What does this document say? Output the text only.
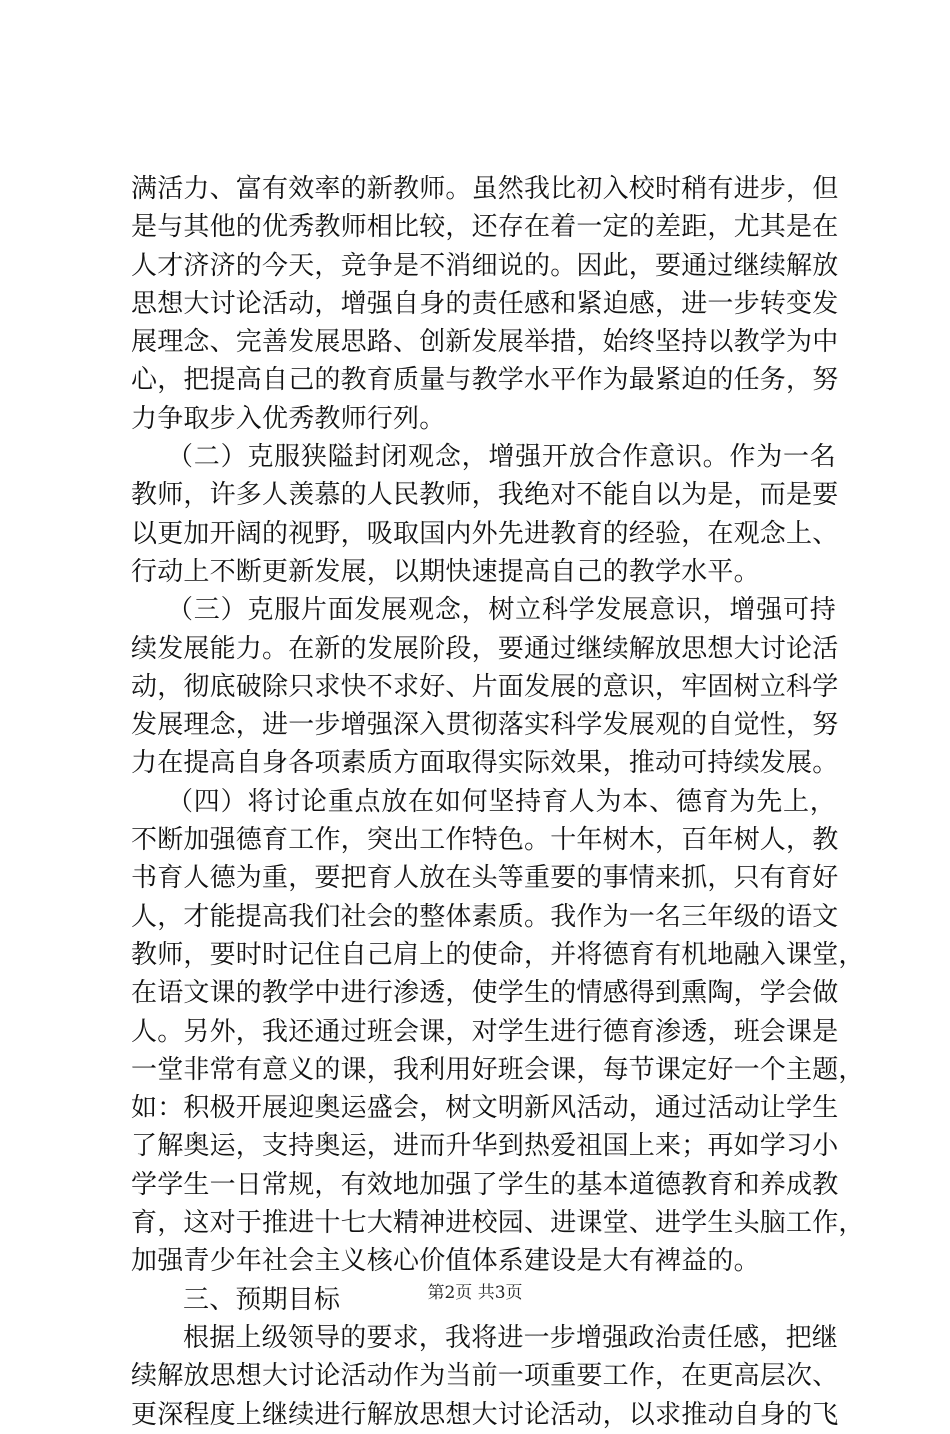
满活力、富有效率的新教师。虽然我比初入校时稍有进步，但
是与其他的优秀教师相比较，还存在着一定的差距，尤其是在
人才济济的今天，竞争是不消细说的。因此，要通过继续解放
思想大讨论活动，增强自身的责任感和紧迫感，进一步转变发
展理念、完善发展思路、创新发展举措，始终坚持以教学为中
心，把提高自己的教育质量与教学水平作为最紧迫的任务，努
力争取步入优秀教师行列。
（二）克服狭隘封闭观念，增强开放合作意识。作为一名
教师，许多人羡慕的人民教师，我绝对不能自以为是，而是要
以更加开阔的视野，吸取国内外先进教育的经验，在观念上、
行动上不断更新发展，以期快速提高自己的教学水平。
（三）克服片面发展观念，树立科学发展意识，增强可持
续发展能力。在新的发展阶段，要通过继续解放思想大讨论活
动，彻底破除只求快不求好、片面发展的意识，牢固树立科学
发展理念，进一步增强深入贯彻落实科学发展观的自觉性，努
力在提高自身各项素质方面取得实际效果，推动可持续发展。
（四）将讨论重点放在如何坚持育人为本、德育为先上，
不断加强德育工作，突出工作特色。十年树木，百年树人，教
书育人德为重，要把育人放在头等重要的事情来抓，只有育好
人，才能提高我们社会的整体素质。我作为一名三年级的语文
教师，要时时记住自己肩上的使命，并将德育有机地融入课堂，
在语文课的教学中进行渗透，使学生的情感得到熏陶，学会做
人。另外，我还通过班会课，对学生进行德育渗透，班会课是
一堂非常有意义的课，我利用好班会课，每节课定好一个主题，
如：积极开展迎奥运盛会，树文明新风活动，通过活动让学生
了解奥运，支持奥运，进而升华到热爱祖国上来；再如学习小
学学生一日常规，有效地加强了学生的基本道德教育和养成教
育，这对于推进十七大精神进校园、进课堂、进学生头脑工作，
加强青少年社会主义核心价值体系建设是大有裨益的。
三、预期目标
根据上级领导的要求，我将进一步增强政治责任感，把继
续解放思想大讨论活动作为当前一项重要工作，在更高层次、
更深程度上继续进行解放思想大讨论活动，以求推动自身的飞
第2页 共3页
